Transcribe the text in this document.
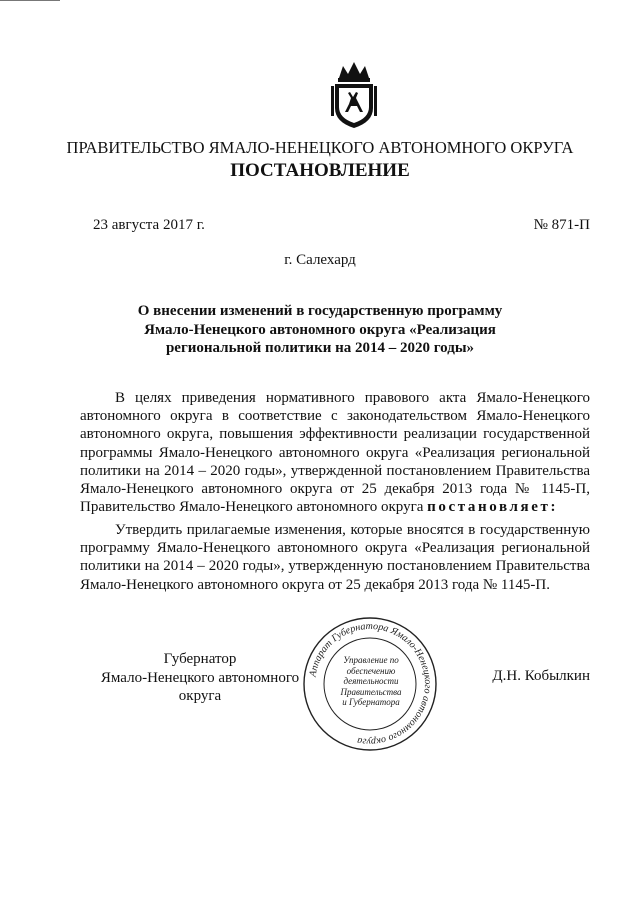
ПРАВИТЕЛЬСТВО ЯМАЛО-НЕНЕЦКОГО АВТОНОМНОГО ОКРУГА
ПОСТАНОВЛЕНИЕ
23 августа 2017 г.	№ 871-П
г. Салехард
О внесении изменений в государственную программу
Ямало-Ненецкого автономного округа «Реализация
региональной политики на 2014 – 2020 годы»
В целях приведения нормативного правового акта Ямало-Ненецкого автономного округа в соответствие с законодательством Ямало-Ненецкого автономного округа, повышения эффективности реализации государственной программы Ямало-Ненецкого автономного округа «Реализация региональной политики на 2014 – 2020 годы», утвержденной постановлением Правительства Ямало-Ненецкого автономного округа от 25 декабря 2013 года № 1145-П, Правительство Ямало-Ненецкого автономного округа постановляет:
Утвердить прилагаемые изменения, которые вносятся в государственную программу Ямало-Ненецкого автономного округа «Реализация региональной политики на 2014 – 2020 годы», утвержденную постановлением Правительства Ямало-Ненецкого автономного округа от 25 декабря 2013 года № 1145-П.
Губернатор
Ямало-Ненецкого автономного округа
Аппарат Губернатора Ямало-Ненецкого автономного округа
Управление по
обеспечению
деятельности
Правительства
и Губернатора
Д.Н. Кобылкин
